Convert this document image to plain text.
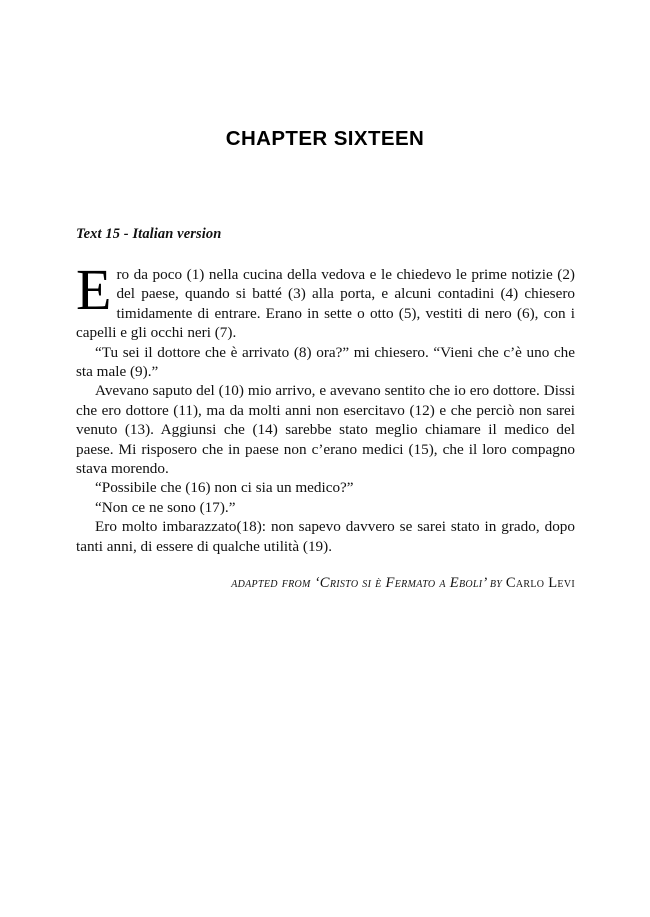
CHAPTER SIXTEEN
Text 15 - Italian version

Ero da poco (1) nella cucina della vedova e le chiedevo le prime notizie (2) del paese, quando si batté (3) alla porta, e alcuni contadini (4) chiesero timidamente di entrare. Erano in sette o otto (5), vestiti di nero (6), con i capelli e gli occhi neri (7).

“Tu sei il dottore che è arrivato (8) ora?” mi chiesero. “Vieni che c’è uno che sta male (9).”

Avevano saputo del (10) mio arrivo, e avevano sentito che io ero dottore. Dissi che ero dottore (11), ma da molti anni non esercitavo (12) e che perciò non sarei venuto (13). Aggiunsi che (14) sarebbe stato meglio chiamare il medico del paese. Mi risposero che in paese non c’erano medici (15), che il loro compagno stava morendo.

“Possibile che (16) non ci sia un medico?”

“Non ce ne sono (17).”

Ero molto imbarazzato(18): non sapevo davvero se sarei stato in grado, dopo tanti anni, di essere di qualche utilità (19).

adapted from ‘Cristo si è Fermato a Eboli’ by Carlo Levi
